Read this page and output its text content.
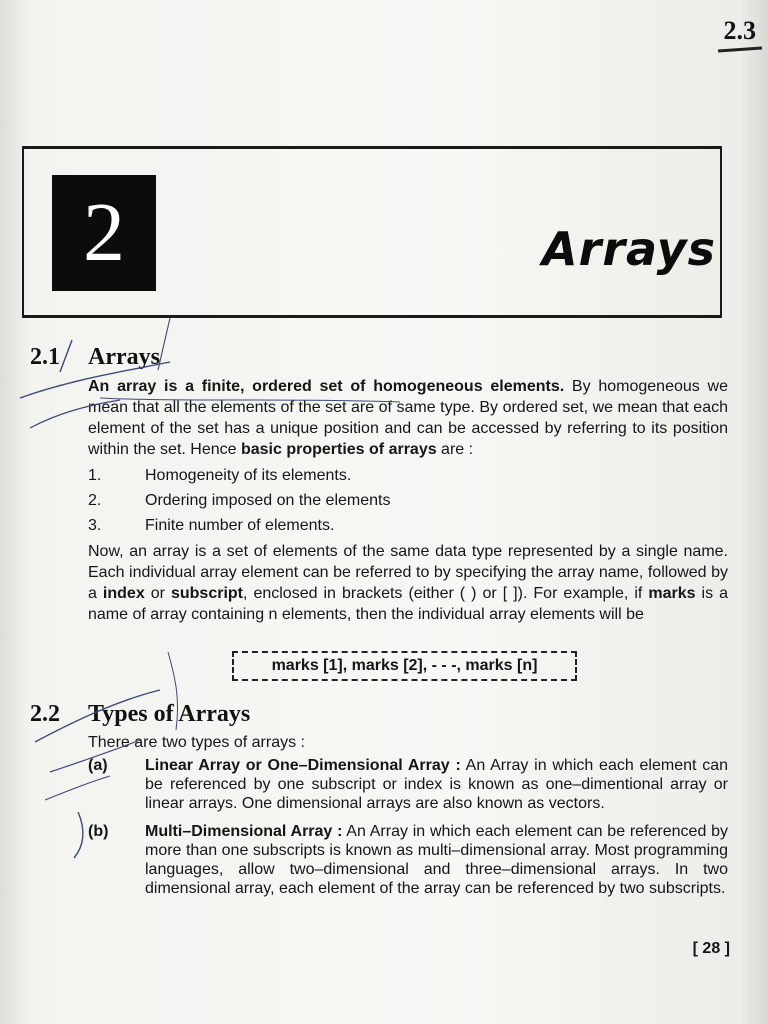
2.3
2	Arrays
2.1 Arrays
An array is a finite, ordered set of homogeneous elements. By homogeneous we mean that all the elements of the set are of same type. By ordered set, we mean that each element of the set has a unique position and can be accessed by referring to its position within the set. Hence basic properties of arrays are :
1.	Homogeneity of its elements.
2.	Ordering imposed on the elements
3.	Finite number of elements.
Now, an array is a set of elements of the same data type represented by a single name. Each individual array element can be referred to by specifying the array name, followed by a index or subscript, enclosed in brackets (either ( ) or [ ]). For example, if marks is a name of array containing n elements, then the individual array elements will be
marks [1], marks [2], - - -, marks [n]
2.2 Types of Arrays
There are two types of arrays :
(a) Linear Array or One–Dimensional Array : An Array in which each element can be referenced by one subscript or index is known as one–dimentional array or linear arrays. One dimensional arrays are also known as vectors.
(b) Multi–Dimensional Array : An Array in which each element can be referenced by more than one subscripts is known as multi–dimensional array. Most programming languages, allow two–dimensional and three–dimensional arrays. In two dimensional array, each element of the array can be referenced by two subscripts.
[ 28 ]
